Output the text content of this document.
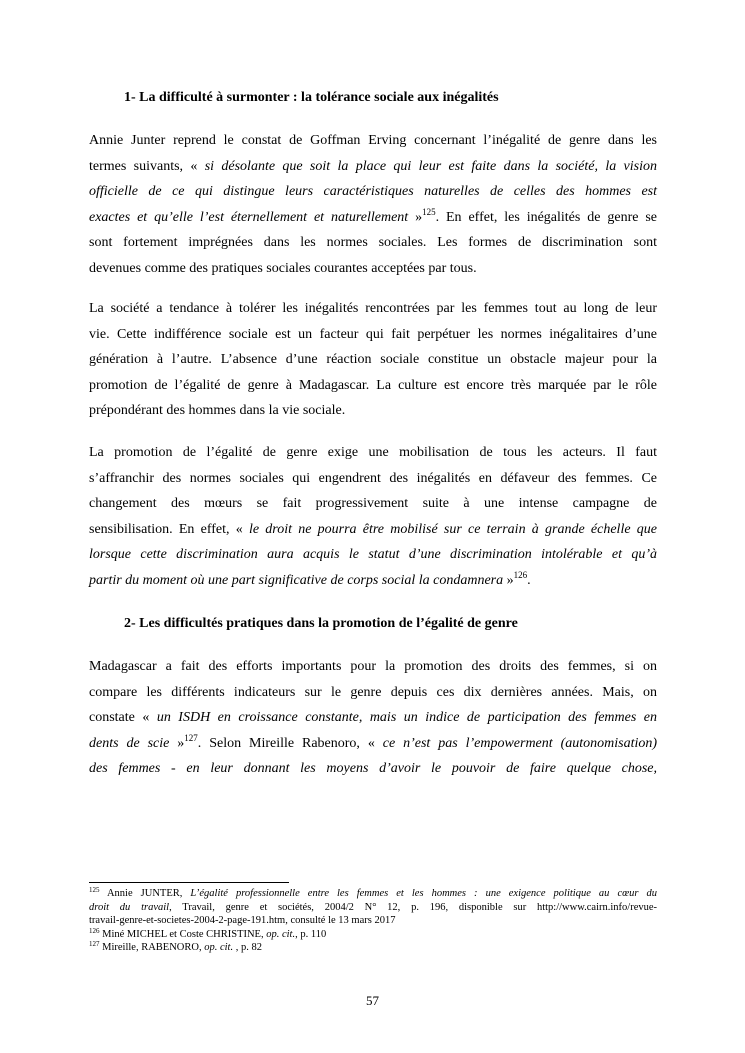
1- La difficulté à surmonter : la tolérance sociale aux inégalités

Annie Junter reprend le constat de Goffman Erving concernant l’inégalité de genre dans les
termes suivants, « si désolante que soit la place qui leur est faite dans la société, la vision
officielle de ce qui distingue leurs caractéristiques naturelles de celles des hommes est
exactes et qu’elle l’est éternellement et naturellement »$^{125}$. En effet, les inégalités de genre se
sont fortement imprégnées dans les normes sociales. Les formes de discrimination sont
devenues comme des pratiques sociales courantes acceptées par tous.

La société a tendance à tolérer les inégalités rencontrées par les femmes tout au long de leur
vie. Cette indifférence sociale est un facteur qui fait perpétuer les normes inégalitaires d’une
génération à l’autre. L’absence d’une réaction sociale constitue un obstacle majeur pour la
promotion de l’égalité de genre à Madagascar. La culture est encore très marquée par le rôle
prépondérant des hommes dans la vie sociale.

La promotion de l’égalité de genre exige une mobilisation de tous les acteurs. Il faut
s’affranchir des normes sociales qui engendrent des inégalités en défaveur des femmes. Ce
changement des mœurs se fait progressivement suite à une intense campagne de
sensibilisation. En effet, « le droit ne pourra être mobilisé sur ce terrain à grande échelle que
lorsque cette discrimination aura acquis le statut d’une discrimination intolérable et qu’à
partir du moment où une part significative de corps social la condamnera »$^{126}$.

2- Les difficultés pratiques dans la promotion de l’égalité de genre

Madagascar a fait des efforts importants pour la promotion des droits des femmes, si on
compare les différents indicateurs sur le genre depuis ces dix dernières années. Mais, on
constate « un ISDH en croissance constante, mais un indice de participation des femmes en
dents de scie »$^{127}$. Selon Mireille Rabenoro, « ce n’est pas l’empowerment (autonomisation)
des femmes - en leur donnant les moyens d’avoir le pouvoir de faire quelque chose,

$^{125}$ Annie JUNTER, L’égalité professionnelle entre les femmes et les hommes : une exigence politique au cœur du
droit du travail, Travail, genre et sociétés, 2004/2 N° 12, p. 196, disponible sur http://www.cairn.info/revue-
travail-genre-et-societes-2004-2-page-191.htm, consulté le 13 mars 2017
$^{126}$ Miné MICHEL et Coste CHRISTINE, op. cit., p. 110
$^{127}$ Mireille, RABENORO, op. cit. , p. 82
57
